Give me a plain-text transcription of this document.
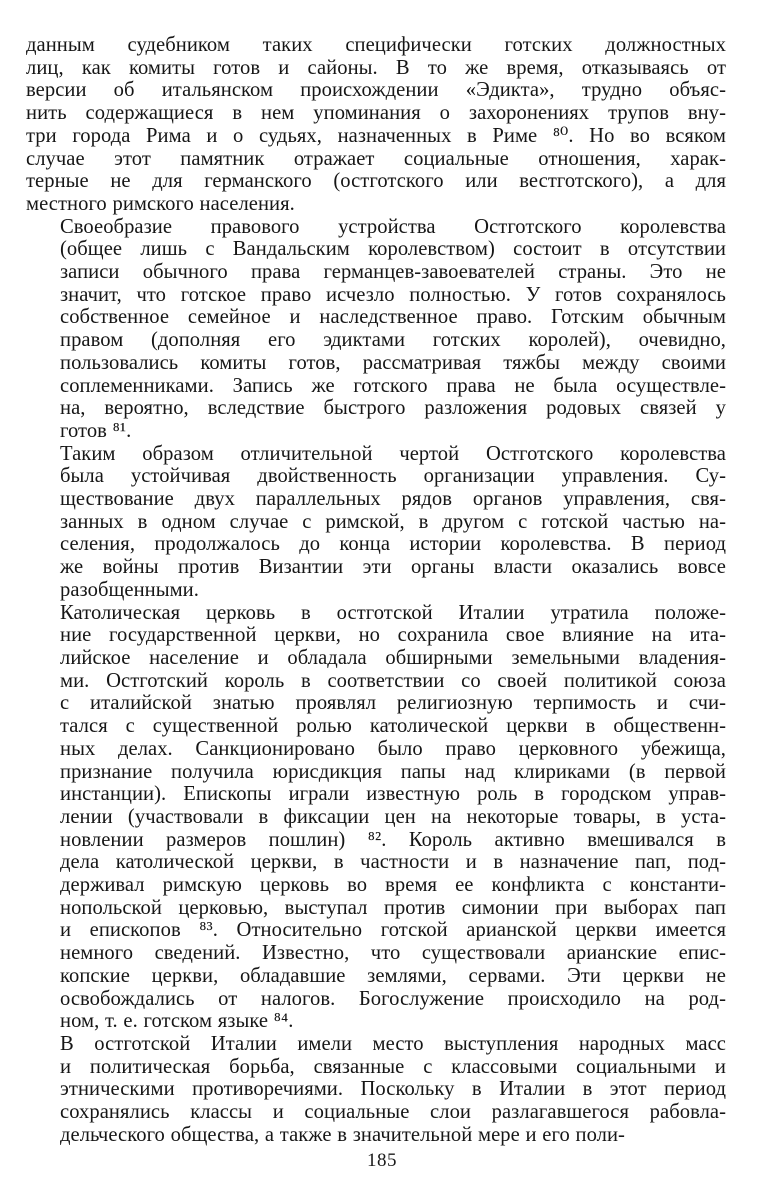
данным судебником таких специфически готских должностных
лиц, как комиты готов и сайоны. В то же время, отказываясь от
версии об итальянском происхождении «Эдикта», трудно объяс-
нить содержащиеся в нем упоминания о захоронениях трупов вну-
три города Рима и о судьях, назначенных в Риме ⁸⁰. Но во всяком
случае этот памятник отражает социальные отношения, харак-
терные не для германского (остготского или вестготского), а для
местного римского населения.

Своеобразие правового устройства Остготского королевства
(общее лишь с Вандальским королевством) состоит в отсутствии
записи обычного права германцев-завоевателей страны. Это не
значит, что готское право исчезло полностью. У готов сохранялось
собственное семейное и наследственное право. Готским обычным
правом (дополняя его эдиктами готских королей), очевидно,
пользовались комиты готов, рассматривая тяжбы между своими
соплеменниками. Запись же готского права не была осуществле-
на, вероятно, вследствие быстрого разложения родовых связей у
готов ⁸¹.

Таким образом отличительной чертой Остготского королевства
была устойчивая двойственность организации управления. Су-
ществование двух параллельных рядов органов управления, свя-
занных в одном случае с римской, в другом с готской частью на-
селения, продолжалось до конца истории королевства. В период
же войны против Византии эти органы власти оказались вовсе
разобщенными.

Католическая церковь в остготской Италии утратила положе-
ние государственной церкви, но сохранила свое влияние на ита-
лийское население и обладала обширными земельными владения-
ми. Остготский король в соответствии со своей политикой союза
с италийской знатью проявлял религиозную терпимость и счи-
тался с существенной ролью католической церкви в общественн-
ных делах. Санкционировано было право церковного убежища,
признание получила юрисдикция папы над клириками (в первой
инстанции). Епископы играли известную роль в городском управ-
лении (участвовали в фиксации цен на некоторые товары, в уста-
новлении размеров пошлин) ⁸². Король активно вмешивался в
дела католической церкви, в частности и в назначение пап, под-
держивал римскую церковь во время ее конфликта с константи-
нопольской церковью, выступал против симонии при выборах пап
и епископов ⁸³. Относительно готской арианской церкви имеется
немного сведений. Известно, что существовали арианские епис-
копские церкви, обладавшие землями, сервами. Эти церкви не
освобождались от налогов. Богослужение происходило на род-
ном, т. е. готском языке ⁸⁴.

В остготской Италии имели место выступления народных масс
и политическая борьба, связанные с классовыми социальными и
этническими противоречиями. Поскольку в Италии в этот период
сохранялись классы и социальные слои разлагавшегося рабовла-
дельческого общества, а также в значительной мере и его поли-

185
